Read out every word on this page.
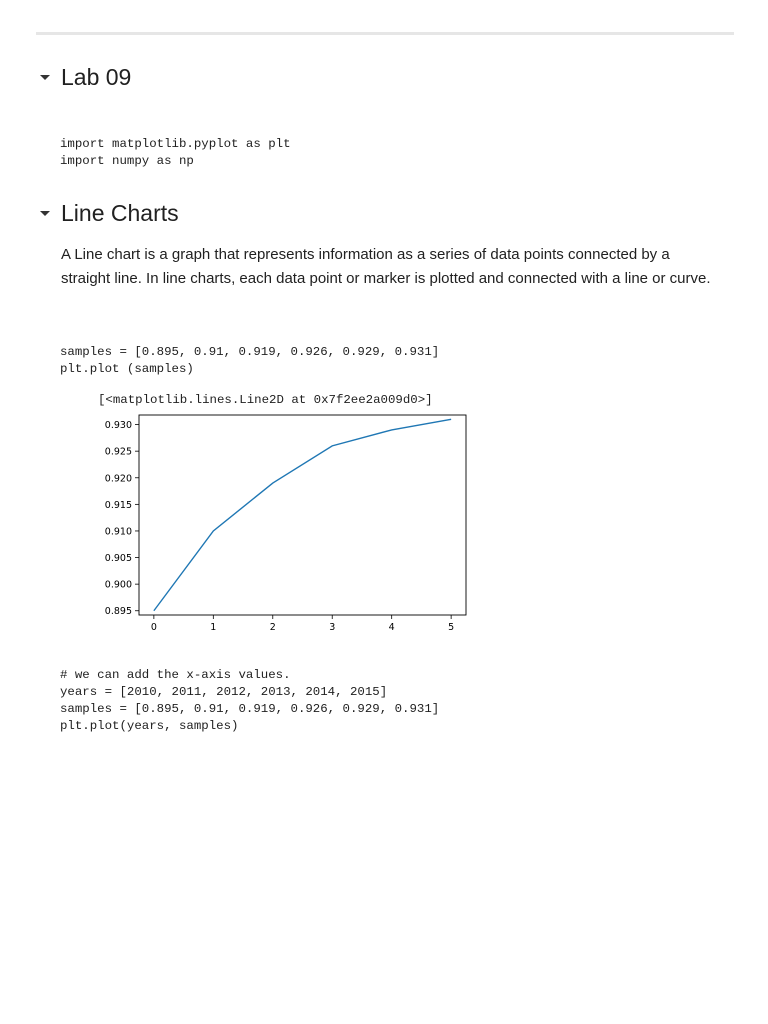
Lab 09
import matplotlib.pyplot as plt
import numpy as np
Line Charts
A Line chart is a graph that represents information as a series of data points connected by a straight line. In line charts, each data point or marker is plotted and connected with a line or curve.
samples = [0.895, 0.91, 0.919, 0.926, 0.929, 0.931]
plt.plot (samples)
[<matplotlib.lines.Line2D at 0x7f2ee2a009d0>]
0	1	2	3	4	5
0.895
0.900
0.905
0.910
0.915
0.920
0.925
0.930
# we can add the x-axis values.
years = [2010, 2011, 2012, 2013, 2014, 2015]
samples = [0.895, 0.91, 0.919, 0.926, 0.929, 0.931]
plt.plot(years, samples)
